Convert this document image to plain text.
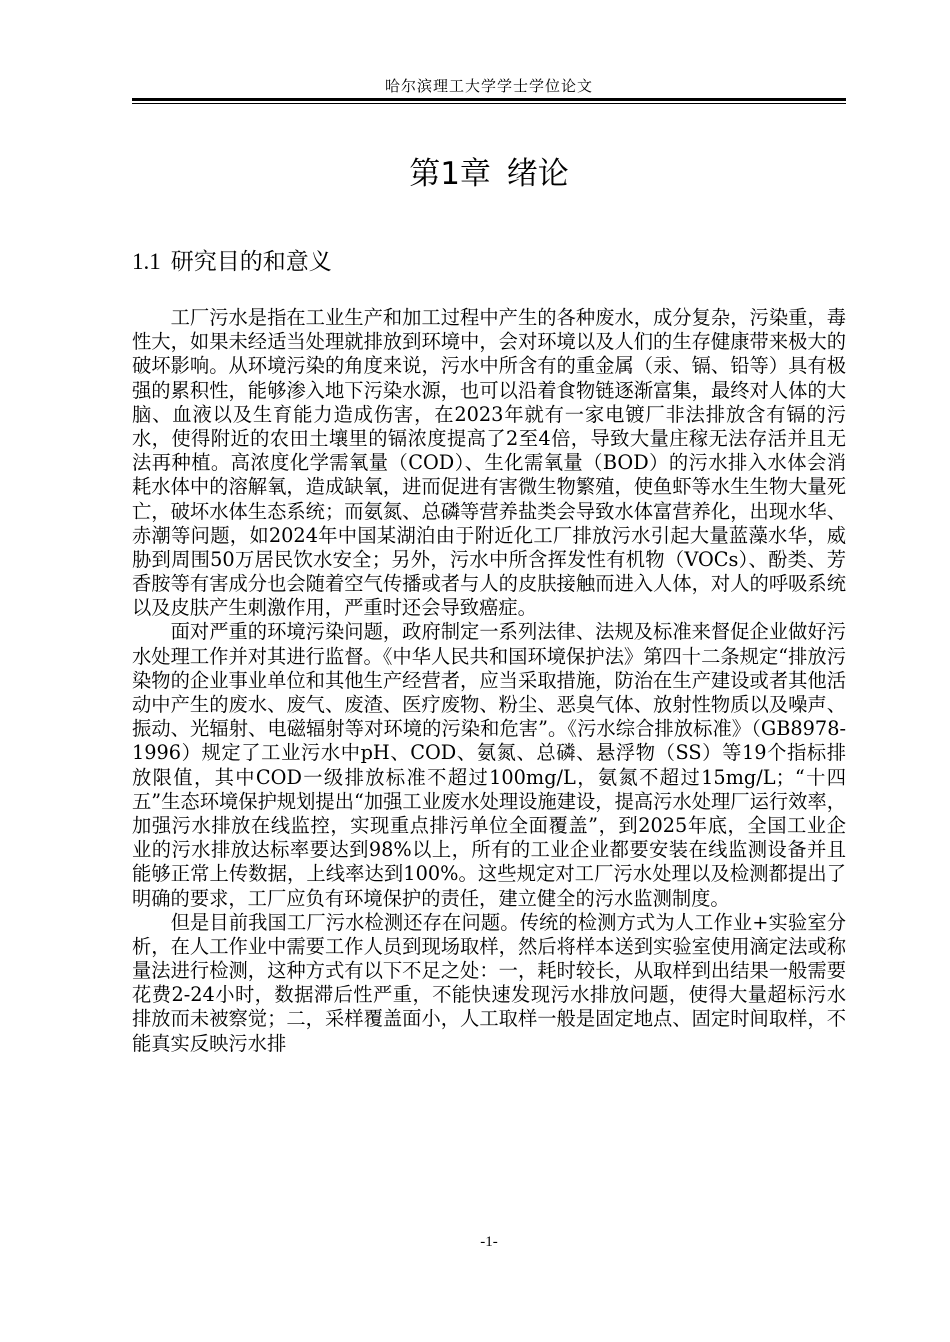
哈尔滨理工大学学士学位论文
第1章 绪论
1.1 研究目的和意义

工厂污水是指在工业生产和加工过程中产生的各种废水，成分复杂，污染重，毒性大，如果未经适当处理就排放到环境中，会对环境以及人们的生存健康带来极大的破坏影响。从环境污染的角度来说，污水中所含有的重金属（汞、镉、铅等）具有极强的累积性，能够渗入地下污染水源，也可以沿着食物链逐渐富集，最终对人体的大脑、血液以及生育能力造成伤害，在2023年就有一家电镀厂非法排放含有镉的污水，使得附近的农田土壤里的镉浓度提高了2至4倍，导致大量庄稼无法存活并且无法再种植。高浓度化学需氧量（COD）、生化需氧量（BOD）的污水排入水体会消耗水体中的溶解氧，造成缺氧，进而促进有害微生物繁殖，使鱼虾等水生生物大量死亡，破坏水体生态系统；而氨氮、总磷等营养盐类会导致水体富营养化，出现水华、赤潮等问题，如2024年中国某湖泊由于附近化工厂排放污水引起大量蓝藻水华，威胁到周围50万居民饮水安全；另外，污水中所含挥发性有机物（VOCs）、酚类、芳香胺等有害成分也会随着空气传播或者与人的皮肤接触而进入人体，对人的呼吸系统以及皮肤产生刺激作用，严重时还会导致癌症。

面对严重的环境污染问题，政府制定一系列法律、法规及标准来督促企业做好污水处理工作并对其进行监督。《中华人民共和国环境保护法》第四十二条规定“排放污染物的企业事业单位和其他生产经营者，应当采取措施，防治在生产建设或者其他活动中产生的废水、废气、废渣、医疗废物、粉尘、恶臭气体、放射性物质以及噪声、振动、光辐射、电磁辐射等对环境的污染和危害”。《污水综合排放标准》（GB8978-1996）规定了工业污水中pH、COD、氨氮、总磷、悬浮物（SS）等19个指标排放限值，其中COD一级排放标准不超过100mg/L，氨氮不超过15mg/L；“十四五”生态环境保护规划提出“加强工业废水处理设施建设，提高污水处理厂运行效率，加强污水排放在线监控，实现重点排污单位全面覆盖”，到2025年底，全国工业企业的污水排放达标率要达到98%以上，所有的工业企业都要安装在线监测设备并且能够正常上传数据，上线率达到100%。这些规定对工厂污水处理以及检测都提出了明确的要求，工厂应负有环境保护的责任，建立健全的污水监测制度。

但是目前我国工厂污水检测还存在问题。传统的检测方式为人工作业+实验室分析，在人工作业中需要工作人员到现场取样，然后将样本送到实验室使用滴定法或称量法进行检测，这种方式有以下不足之处：一，耗时较长，从取样到出结果一般需要花费2-24小时，数据滞后性严重，不能快速发现污水排放问题，使得大量超标污水排放而未被察觉；二，采样覆盖面小，人工取样一般是固定地点、固定时间取样，不能真实反映污水排

-1-
